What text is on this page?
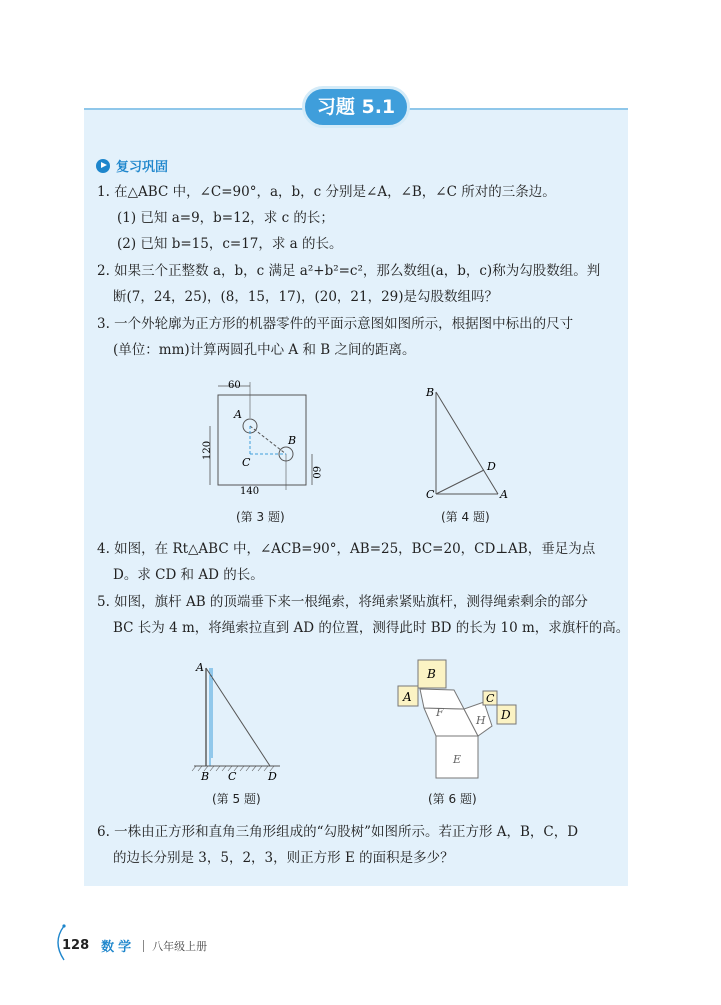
习题 5.1
复习巩固
1. 在△ABC 中，∠C=90°，a，b，c 分别是∠A，∠B，∠C 所对的三条边。
(1) 已知 a=9，b=12，求 c 的长；
(2) 已知 b=15，c=17，求 a 的长。
2. 如果三个正整数 a，b，c 满足 a²+b²=c²，那么数组(a，b，c)称为勾股数组。判
断(7，24，25)，(8，15，17)，(20，21，29)是勾股数组吗？
3. 一个外轮廓为正方形的机器零件的平面示意图如图所示，根据图中标出的尺寸
(单位：mm)计算两圆孔中心 A 和 B 之间的距离。
60
120
60
140
A
B
C
(第 3 题)
B
C	A
D
(第 4 题)
4. 如图，在 Rt△ABC 中，∠ACB=90°，AB=25，BC=20，CD⊥AB，垂足为点
D。求 CD 和 AD 的长。
5. 如图，旗杆 AB 的顶端垂下来一根绳索，将绳索紧贴旗杆，测得绳索剩余的部分
BC 长为 4 m，将绳索拉直到 AD 的位置，测得此时 BD 的长为 10 m，求旗杆的高。
A
B C	D
(第 5 题)
B
A	C
D
E
F
H
(第 6 题)
6. 一株由正方形和直角三角形组成的“勾股树”如图所示。若正方形 A，B，C，D
的边长分别是 3，5，2，3，则正方形 E 的面积是多少？
128 数学 八年级上册
